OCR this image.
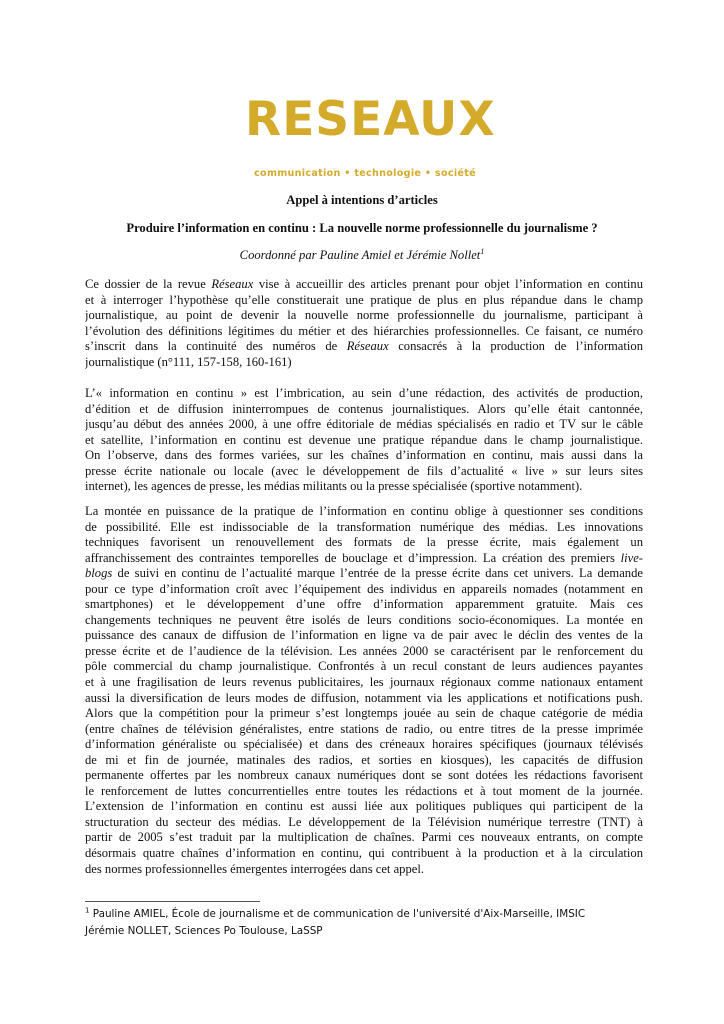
RESEAUX
communication • technologie • société
Appel à intentions d’articles
Produire l’information en continu : La nouvelle norme professionnelle du journalisme ?
Coordonné par Pauline Amiel et Jérémie Nollet$^1$
Ce dossier de la revue Réseaux vise à accueillir des articles prenant pour objet l’information en continu
et à interroger l’hypothèse qu’elle constituerait une pratique de plus en plus répandue dans le champ
journalistique, au point de devenir la nouvelle norme professionnelle du journalisme, participant à
l’évolution des définitions légitimes du métier et des hiérarchies professionnelles. Ce faisant, ce numéro
s’inscrit dans la continuité des numéros de Réseaux consacrés à la production de l’information
journalistique (n°111, 157-158, 160-161)
L’« information en continu » est l’imbrication, au sein d’une rédaction, des activités de production,
d’édition et de diffusion ininterrompues de contenus journalistiques. Alors qu’elle était cantonnée,
jusqu’au début des années 2000, à une offre éditoriale de médias spécialisés en radio et TV sur le câble
et satellite, l’information en continu est devenue une pratique répandue dans le champ journalistique.
On l’observe, dans des formes variées, sur les chaînes d’information en continu, mais aussi dans la
presse écrite nationale ou locale (avec le développement de fils d’actualité « live » sur leurs sites
internet), les agences de presse, les médias militants ou la presse spécialisée (sportive notamment).
La montée en puissance de la pratique de l’information en continu oblige à questionner ses conditions
de possibilité. Elle est indissociable de la transformation numérique des médias. Les innovations
techniques favorisent un renouvellement des formats de la presse écrite, mais également un
affranchissement des contraintes temporelles de bouclage et d’impression. La création des premiers live-
blogs de suivi en continu de l’actualité marque l’entrée de la presse écrite dans cet univers. La demande
pour ce type d’information croît avec l’équipement des individus en appareils nomades (notamment en
smartphones) et le développement d’une offre d’information apparemment gratuite. Mais ces
changements techniques ne peuvent être isolés de leurs conditions socio-économiques. La montée en
puissance des canaux de diffusion de l’information en ligne va de pair avec le déclin des ventes de la
presse écrite et de l’audience de la télévision. Les années 2000 se caractérisent par le renforcement du
pôle commercial du champ journalistique. Confrontés à un recul constant de leurs audiences payantes
et à une fragilisation de leurs revenus publicitaires, les journaux régionaux comme nationaux entament
aussi la diversification de leurs modes de diffusion, notamment via les applications et notifications push.
Alors que la compétition pour la primeur s’est longtemps jouée au sein de chaque catégorie de média
(entre chaînes de télévision généralistes, entre stations de radio, ou entre titres de la presse imprimée
d’information généraliste ou spécialisée) et dans des créneaux horaires spécifiques (journaux télévisés
de mi et fin de journée, matinales des radios, et sorties en kiosques), les capacités de diffusion
permanente offertes par les nombreux canaux numériques dont se sont dotées les rédactions favorisent
le renforcement de luttes concurrentielles entre toutes les rédactions et à tout moment de la journée.
L’extension de l’information en continu est aussi liée aux politiques publiques qui participent de la
structuration du secteur des médias. Le développement de la Télévision numérique terrestre (TNT) à
partir de 2005 s’est traduit par la multiplication de chaînes. Parmi ces nouveaux entrants, on compte
désormais quatre chaînes d’information en continu, qui contribuent à la production et à la circulation
des normes professionnelles émergentes interrogées dans cet appel.
$^1$ Pauline AMIEL, École de journalisme et de communication de l'université d'Aix-Marseille, IMSIC
Jérémie NOLLET, Sciences Po Toulouse, LaSSP
